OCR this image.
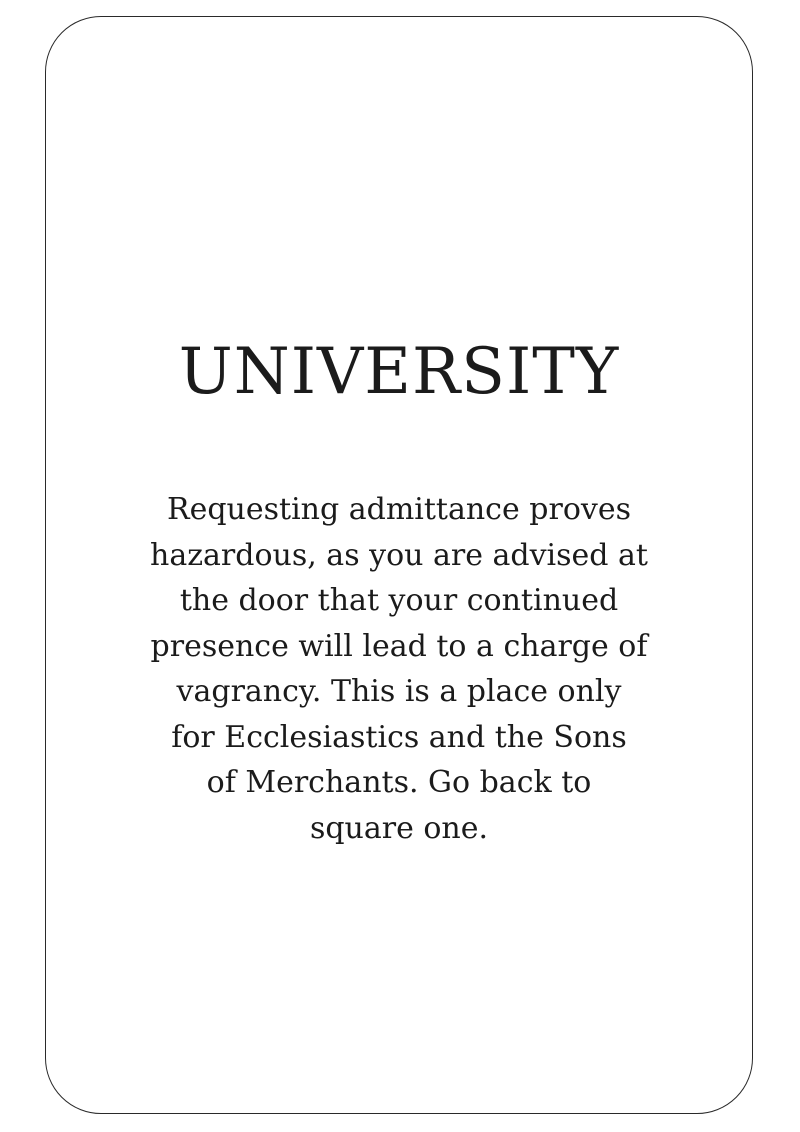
UNIVERSITY

Requesting admittance proves
hazardous, as you are advised at
the door that your continued
presence will lead to a charge of
vagrancy. This is a place only
for Ecclesiastics and the Sons
of Merchants. Go back to
square one.
